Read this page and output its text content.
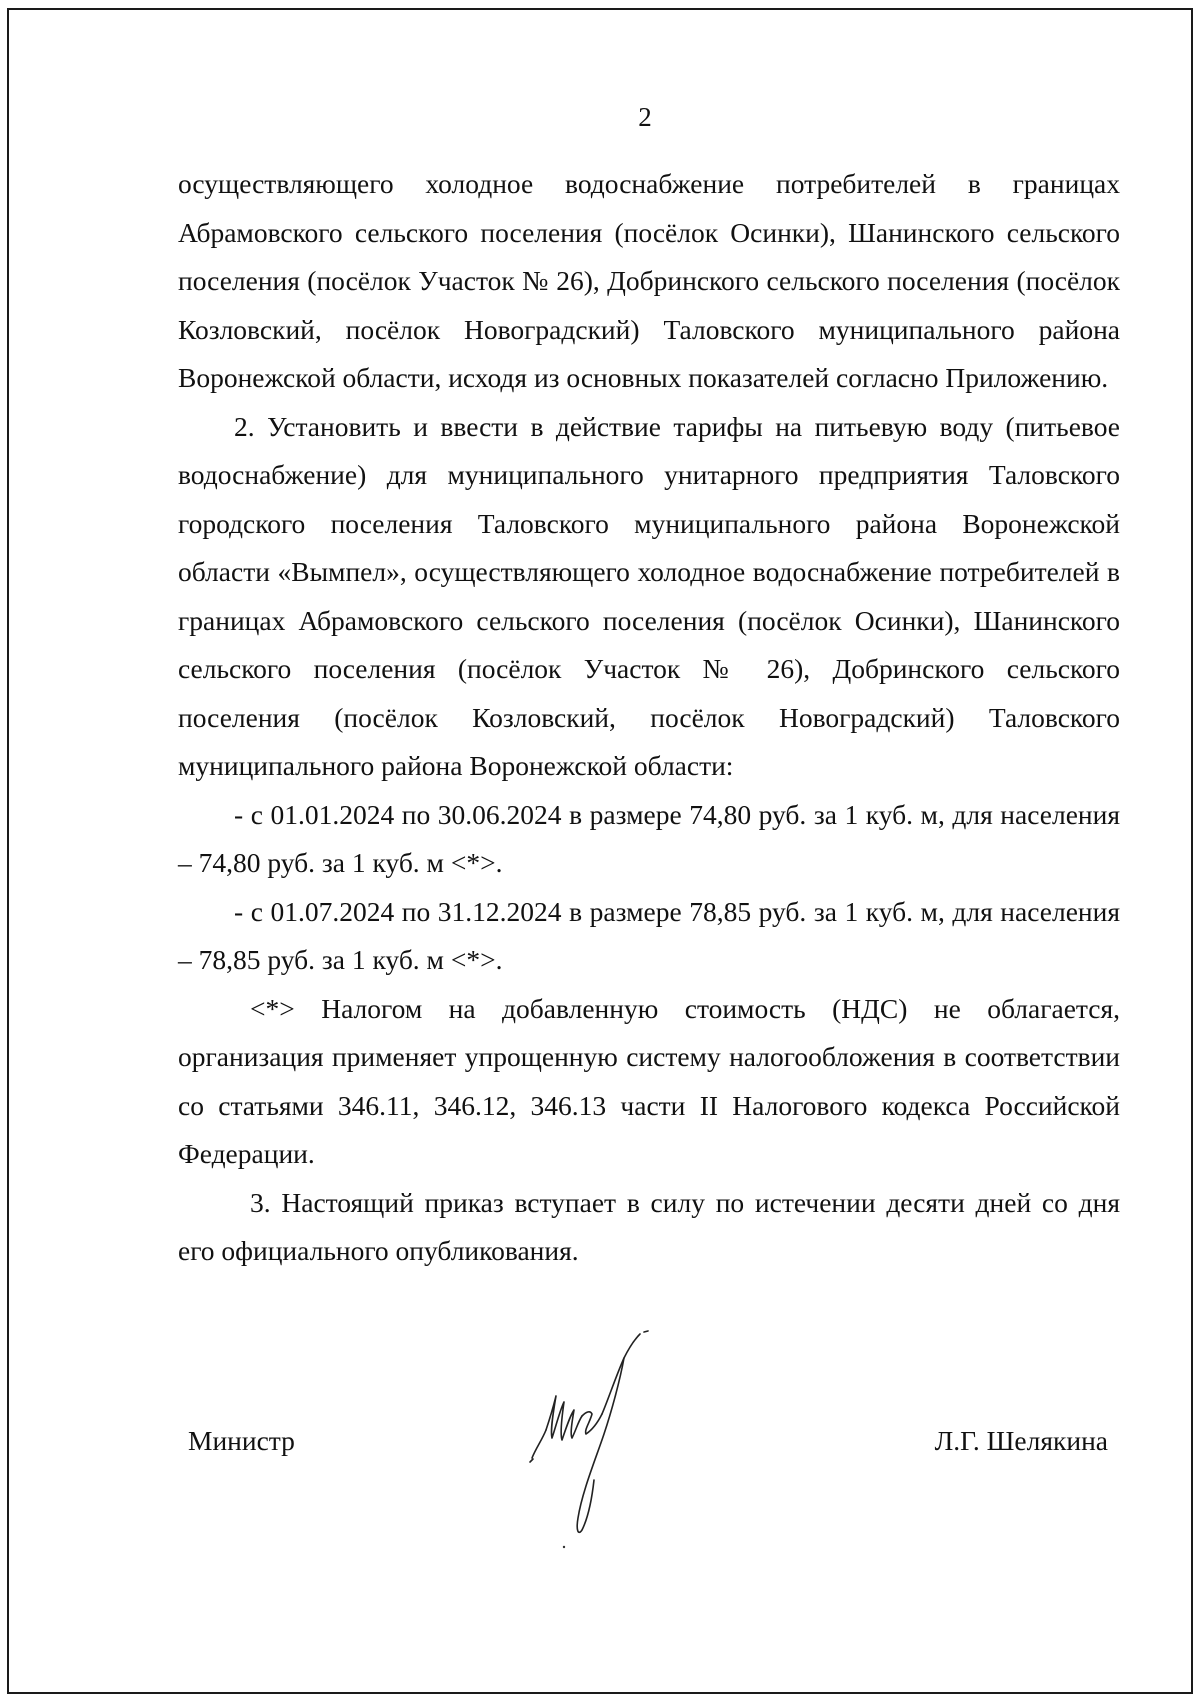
2

осуществляющего холодное водоснабжение потребителей в границах Абрамовского сельского поселения (посёлок Осинки), Шанинского сельского поселения (посёлок Участок № 26), Добринского сельского поселения (посёлок Козловский, посёлок Новоградский) Таловского муниципального района Воронежской области, исходя из основных показателей согласно Приложению.

2. Установить и ввести в действие тарифы на питьевую воду (питьевое водоснабжение) для муниципального унитарного предприятия Таловского городского поселения Таловского муниципального района Воронежской области «Вымпел», осуществляющего холодное водоснабжение потребителей в границах Абрамовского сельского поселения (посёлок Осинки), Шанинского сельского поселения (посёлок Участок № 26), Добринского сельского поселения (посёлок Козловский, посёлок Новоградский) Таловского муниципального района Воронежской области:

- с 01.01.2024 по 30.06.2024 в размере 74,80 руб. за 1 куб. м, для населения – 74,80 руб. за 1 куб. м <*>.

- с 01.07.2024 по 31.12.2024 в размере 78,85 руб. за 1 куб. м, для населения – 78,85 руб. за 1 куб. м <*>.

<*> Налогом на добавленную стоимость (НДС) не облагается, организация применяет упрощенную систему налогообложения в соответствии со статьями 346.11, 346.12, 346.13 части II Налогового кодекса Российской Федерации.

3. Настоящий приказ вступает в силу по истечении десяти дней со дня его официального опубликования.

Министр	Л.Г. Шелякина
